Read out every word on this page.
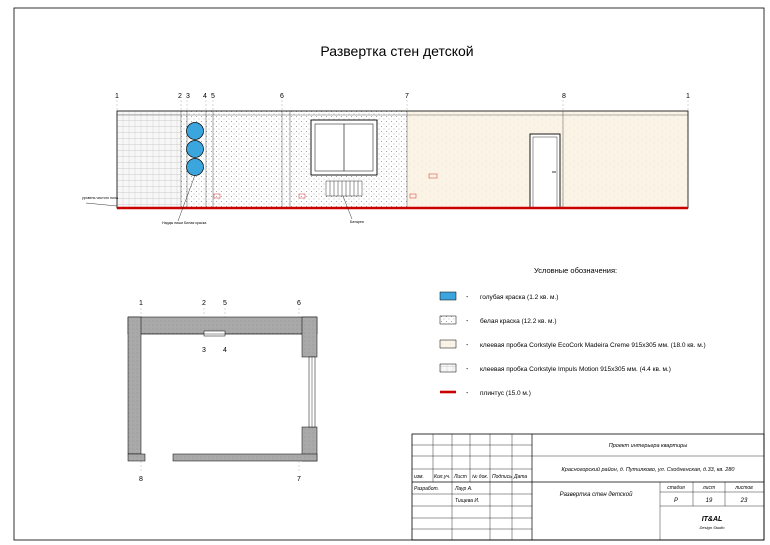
Развертка стен детской
1	2 3 4 5	6	7	8	1
уровень чистого пола
Нарды ниши Белая краска	Батарея
1	2 5	6
3 4
8	7
Условные обозначения:
- голубая краска (1.2 кв. м.)
- белая краска (12.2 кв. м.)
- клеевая пробка Corkstyle EcoCork Madeira Creme 915x305 мм. (18.0 кв. м.)
- клеевая пробка Corkstyle Impuls Motion 915x305 мм. (4.4 кв. м.)
- плинтус (15.0 м.)
изм. Кол.уч. Лист № док. Подпись Дата
Разработ.	Лаур А.
Тищева И.
Проект интерьера квартиры
Красногорский район, д. Путилково, ул. Сходненская, д.33, кв. 280
Развертка стен детской
стадия	лист	листов
Р	19	23
IT&AL
Design Studio
